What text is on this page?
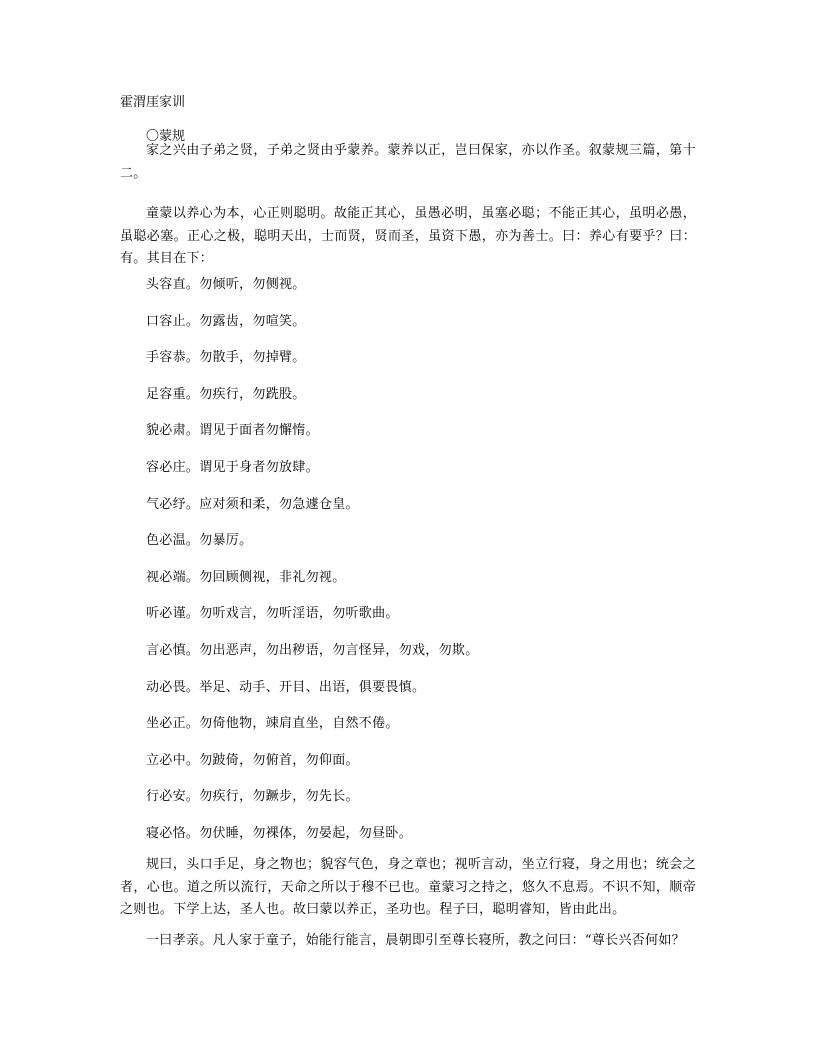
霍渭厓家训
〇蒙规

家之兴由子弟之贤，子弟之贤由乎蒙养。蒙养以正，岂曰保家，亦以作圣。叙蒙规三篇，第十二。

童蒙以养心为本，心正则聪明。故能正其心，虽愚必明，虽塞必聪；不能正其心，虽明必愚，虽聪必塞。正心之极，聪明天出，士而贤，贤而圣，虽资下愚，亦为善士。曰：养心有要乎？曰：有。其目在下：

头容直。勿倾听，勿侧视。
口容止。勿露齿，勿喧笑。
手容恭。勿散手，勿掉臂。
足容重。勿疾行，勿跣股。
貌必肃。谓见于面者勿懈惰。
容必庄。谓见于身者勿放肆。
气必纾。应对须和柔，勿急遽仓皇。
色必温。勿暴厉。
视必端。勿回顾侧视，非礼勿视。
听必谨。勿听戏言，勿听淫语，勿听歌曲。
言必慎。勿出恶声，勿出秽语，勿言怪异，勿戏，勿欺。
动必畏。举足、动手、开目、出语，俱要畏慎。
坐必正。勿倚他物，竦肩直坐，自然不倦。
立必中。勿跛倚，勿俯首，勿仰面。
行必安。勿疾行，勿蹶步，勿先长。
寝必恪。勿伏睡，勿裸体，勿晏起，勿昼卧。

规曰，头口手足，身之物也；貌容气色，身之章也；视听言动，坐立行寝，身之用也；统会之者，心也。道之所以流行，天命之所以于穆不已也。童蒙习之持之，悠久不息焉。不识不知，顺帝之则也。下学上达，圣人也。故曰蒙以养正，圣功也。程子曰，聪明睿知，皆由此出。

一曰孝亲。凡人家于童子，始能行能言，晨朝即引至尊长寝所，教之问曰：“尊长兴否何如？
